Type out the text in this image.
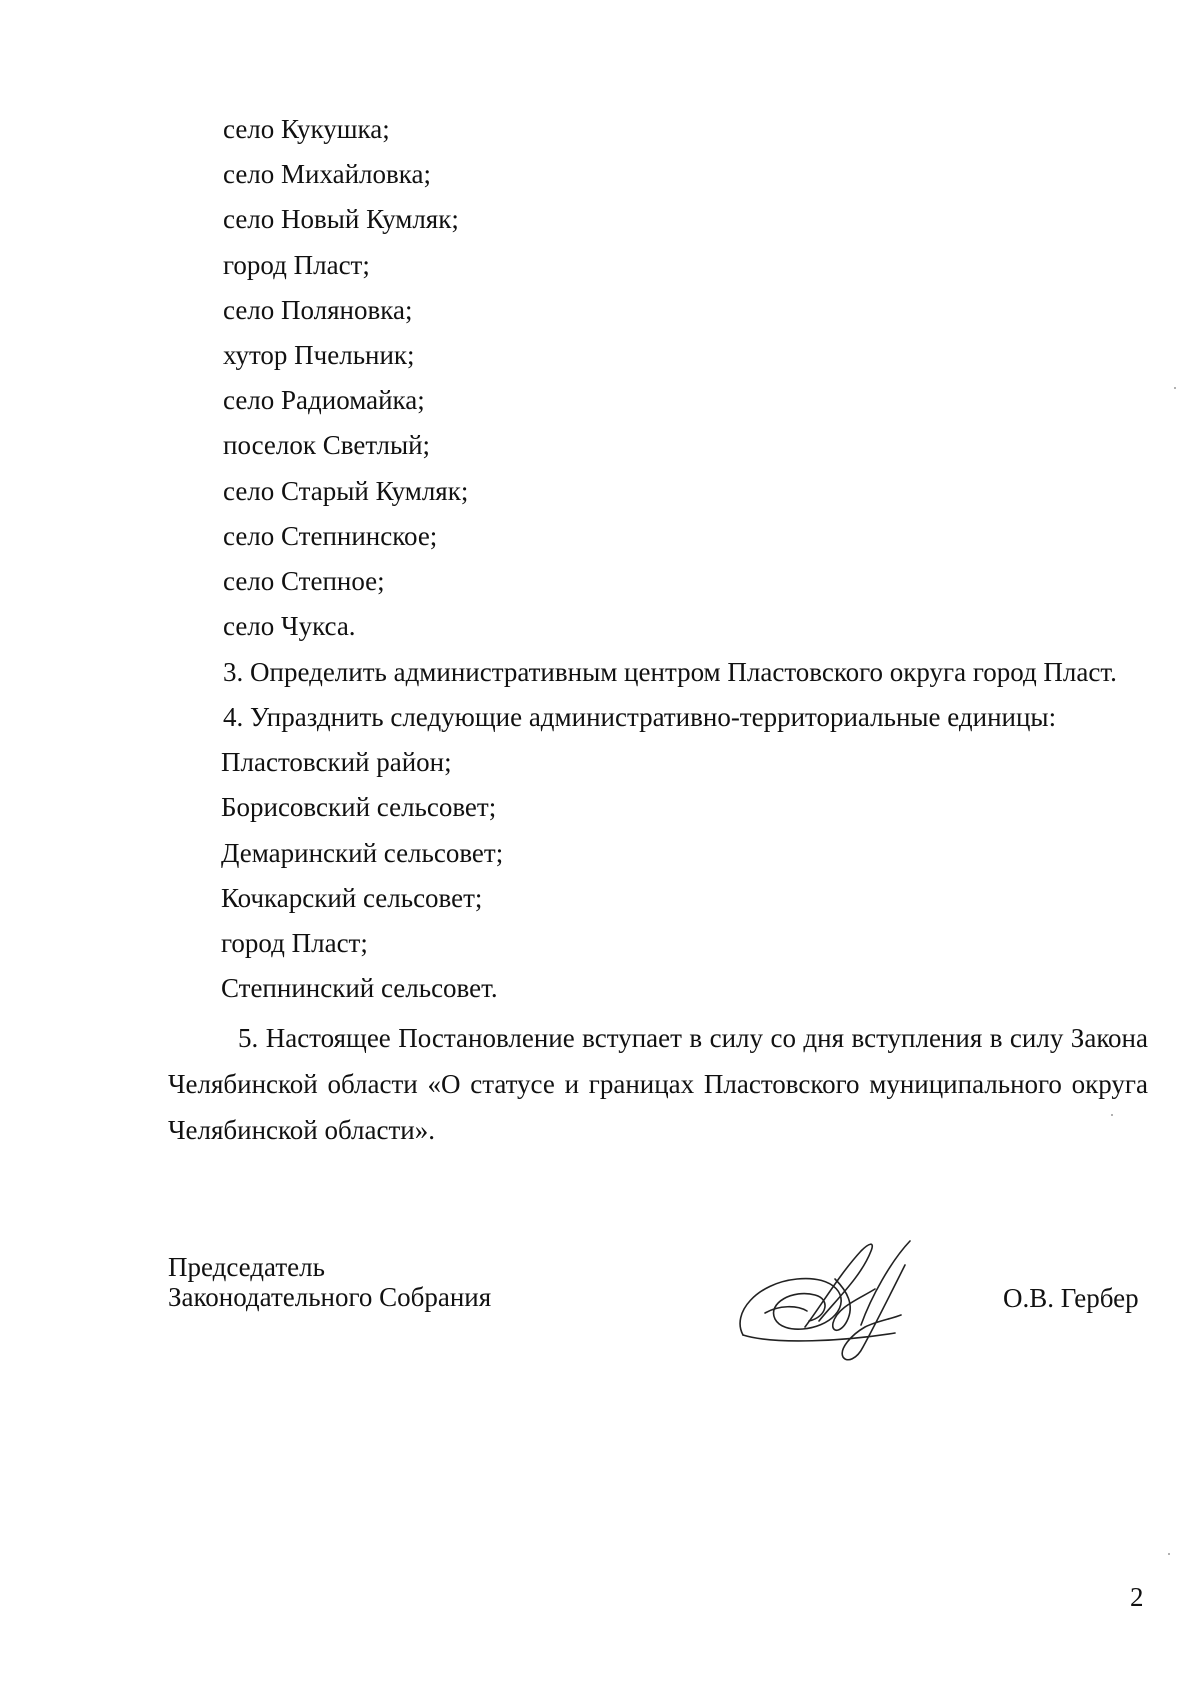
село Кукушка;
село Михайловка;
село Новый Кумляк;
город Пласт;
село Поляновка;
хутор Пчельник;
село Радиомайка;
поселок Светлый;
село Старый Кумляк;
село Степнинское;
село Степное;
село Чукса.
3. Определить административным центром Пластовского округа город Пласт.
4. Упразднить следующие административно-территориальные единицы:
Пластовский район;
Борисовский сельсовет;
Демаринский сельсовет;
Кочкарский сельсовет;
город Пласт;
Степнинский сельсовет.
5. Настоящее Постановление вступает в силу со дня вступления в силу Закона Челябинской области «О статусе и границах Пластовского муниципального округа Челябинской области».
Председатель
Законодательного Собрания	О.В. Гербер
2
